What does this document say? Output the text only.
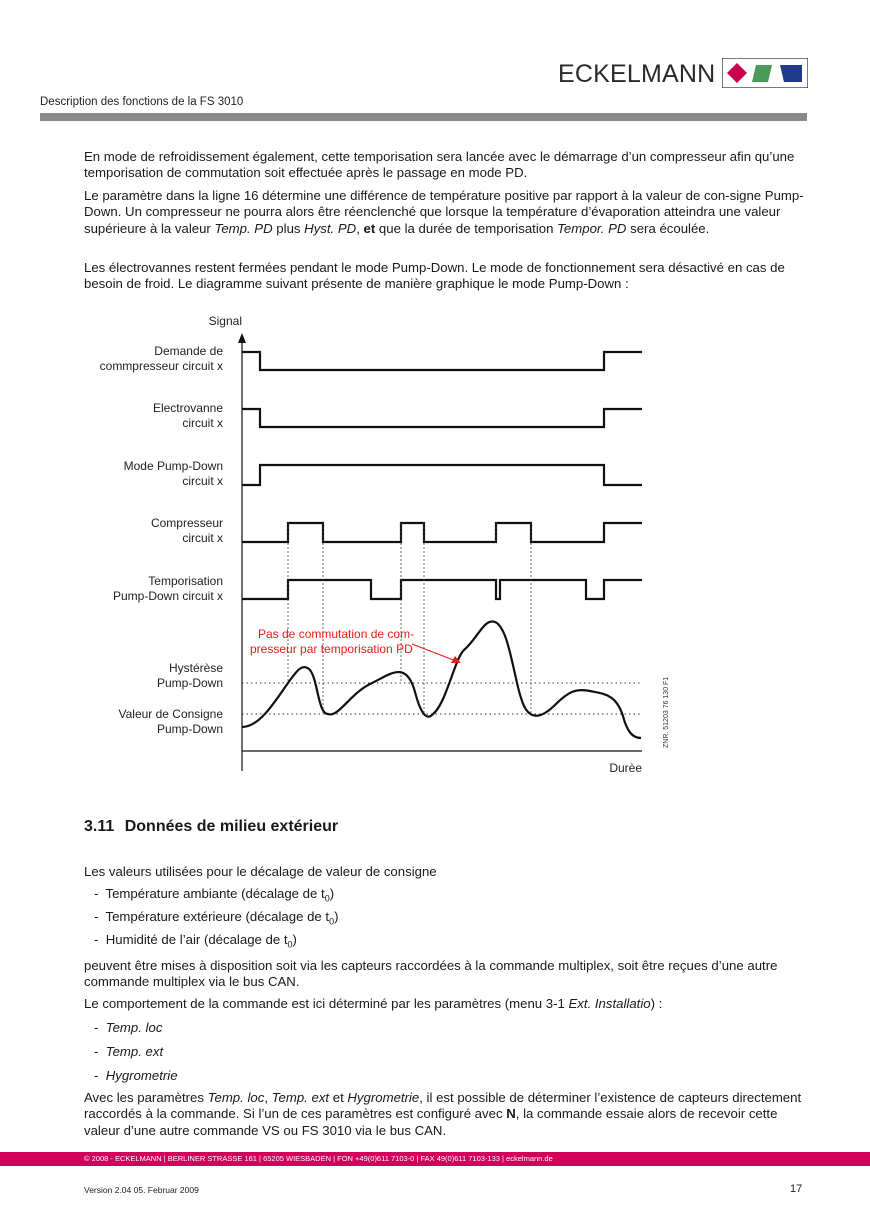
ECKELMANN
Description des fonctions de la FS 3010
En mode de refroidissement également, cette temporisation sera lancée avec le démarrage d’un compresseur afin qu’une temporisation de commutation soit effectuée après le passage en mode PD.
Le paramètre dans la ligne 16 détermine une différence de température positive par rapport à la valeur de con-signe Pump-Down. Un compresseur ne pourra alors être réenclenché que lorsque la température d’évaporation atteindra une valeur supérieure à la valeur Temp. PD plus Hyst. PD, et que la durée de temporisation Tempor. PD sera écoulée.
Les électrovannes restent fermées pendant le mode Pump-Down. Le mode de fonctionnement sera désactivé en cas de besoin de froid. Le diagramme suivant présente de manière graphique le mode Pump-Down :
Signal
Durèe
Demande de
commpresseur circuit x
Electrovanne
circuit x
Mode Pump-Down
circuit x
Compresseur
circuit x
Temporisation
Pump-Down circuit x
Hystérèse
Pump-Down
Valeur de Consigne
Pump-Down
Pas de commutation de com-
presseur par temporisation PD
ZNR. 51203 76 130 F1
3.11 Données de milieu extérieur
Les valeurs utilisées pour le décalage de valeur de consigne
-  Température ambiante (décalage de $t_0$)
-  Température extérieure (décalage de $t_0$)
-  Humidité de l’air (décalage de $t_0$)
peuvent être mises à disposition soit via les capteurs raccordées à la commande multiplex, soit être reçues d’une autre commande multiplex via le bus CAN.
Le comportement de la commande est ici déterminé par les paramètres (menu 3-1 Ext. Installatio) :
-  Temp. loc
-  Temp. ext
-  Hygrometrie
Avec les paramètres Temp. loc, Temp. ext et Hygrometrie, il est possible de déterminer l’existence de capteurs directement raccordés à la commande. Si l’un de ces paramètres est configuré avec N, la commande essaie alors de recevoir cette valeur d’une autre commande VS ou FS 3010 via le bus CAN.
© 2008 - ECKELMANN | BERLINER STRASSE 161 | 65205 WIESBADEN | FON +49(0)611 7103-0 | FAX 49(0)611 7103-133 | eckelmann.de
Version 2.04 05. Februar 2009	17
